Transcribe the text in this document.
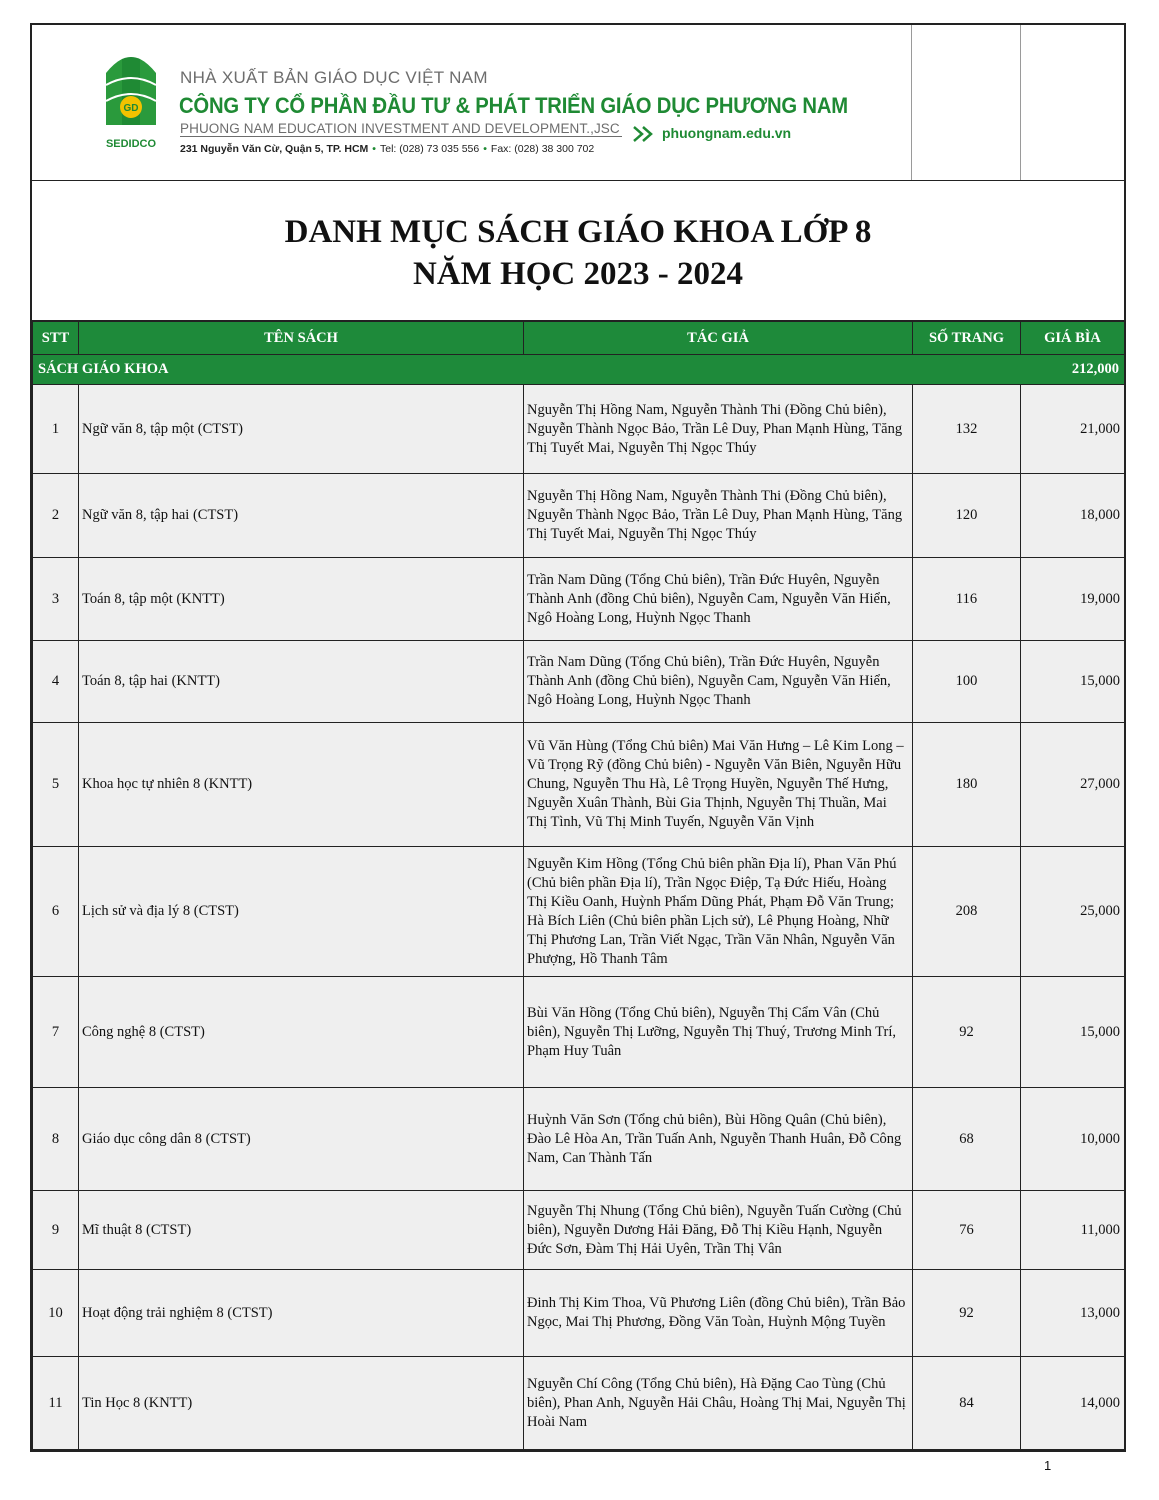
GD
SEDIDCO
NHÀ XUẤT BẢN GIÁO DỤC VIỆT NAM
CÔNG TY CỔ PHẦN ĐẦU TƯ & PHÁT TRIỂN GIÁO DỤC PHƯƠNG NAM
PHUONG NAM EDUCATION INVESTMENT AND DEVELOPMENT.,JSC
231 Nguyễn Văn Cừ, Quận 5, TP. HCM • Tel: (028) 73 035 556 • Fax: (028) 38 300 702
phuongnam.edu.vn
DANH MỤC SÁCH GIÁO KHOA LỚP 8
NĂM HỌC 2023 - 2024
STT	TÊN SÁCH	TÁC GIẢ	SỐ TRANG	GIÁ BÌA
SÁCH GIÁO KHOA				212,000
1	Ngữ văn 8, tập một (CTST)	Nguyễn Thị Hồng Nam, Nguyễn Thành Thi (Đồng Chủ biên), Nguyễn Thành Ngọc Bảo, Trần Lê Duy, Phan Mạnh Hùng, Tăng Thị Tuyết Mai, Nguyễn Thị Ngọc Thúy	132	21,000
2	Ngữ văn 8, tập hai (CTST)	Nguyễn Thị Hồng Nam, Nguyễn Thành Thi (Đồng Chủ biên), Nguyễn Thành Ngọc Bảo, Trần Lê Duy, Phan Mạnh Hùng, Tăng Thị Tuyết Mai, Nguyễn Thị Ngọc Thúy	120	18,000
3	Toán 8, tập một (KNTT)	Trần Nam Dũng (Tổng Chủ biên), Trần Đức Huyên, Nguyễn Thành Anh (đồng Chủ biên), Nguyễn Cam, Nguyễn Văn Hiển, Ngô Hoàng Long, Huỳnh Ngọc Thanh	116	19,000
4	Toán 8, tập hai (KNTT)	Trần Nam Dũng (Tổng Chủ biên), Trần Đức Huyên, Nguyễn Thành Anh (đồng Chủ biên), Nguyễn Cam, Nguyễn Văn Hiển, Ngô Hoàng Long, Huỳnh Ngọc Thanh	100	15,000
5	Khoa học tự nhiên 8 (KNTT)	Vũ Văn Hùng (Tổng Chủ biên) Mai Văn Hưng – Lê Kim Long – Vũ Trọng Rỹ (đồng Chủ biên) - Nguyễn Văn Biên, Nguyễn Hữu Chung, Nguyễn Thu Hà, Lê Trọng Huyền, Nguyễn Thế Hưng, Nguyễn Xuân Thành, Bùi Gia Thịnh, Nguyễn Thị Thuần, Mai Thị Tình, Vũ Thị Minh Tuyến, Nguyễn Văn Vịnh	180	27,000
6	Lịch sử và địa lý 8 (CTST)	Nguyễn Kim Hồng (Tổng Chủ biên phần Địa lí), Phan Văn Phú (Chủ biên phần Địa lí), Trần Ngọc Điệp, Tạ Đức Hiếu, Hoàng Thị Kiều Oanh, Huỳnh Phẩm Dũng Phát, Phạm Đỗ Văn Trung; Hà Bích Liên (Chủ biên phần Lịch sử), Lê Phụng Hoàng, Nhữ Thị Phương Lan, Trần Viết Ngạc, Trần Văn Nhân, Nguyễn Văn Phượng, Hồ Thanh Tâm	208	25,000
7	Công nghệ 8 (CTST)	Bùi Văn Hồng (Tổng Chủ biên), Nguyễn Thị Cẩm Vân (Chủ biên), Nguyễn Thị Lưỡng, Nguyễn Thị Thuý, Trương Minh Trí, Phạm Huy Tuân	92	15,000
8	Giáo dục công dân 8 (CTST)	Huỳnh Văn Sơn (Tổng chủ biên), Bùi Hồng Quân (Chủ biên), Đào Lê Hòa An, Trần Tuấn Anh, Nguyễn Thanh Huân, Đỗ Công Nam, Can Thành Tấn	68	10,000
9	Mĩ thuật 8 (CTST)	Nguyễn Thị Nhung (Tổng Chủ biên), Nguyễn Tuấn Cường (Chủ biên), Nguyễn Dương Hải Đăng, Đỗ Thị Kiều Hạnh, Nguyễn Đức Sơn, Đàm Thị Hải Uyên, Trần Thị Vân	76	11,000
10	Hoạt động trải nghiệm 8 (CTST)	Đinh Thị Kim Thoa, Vũ Phương Liên (đồng Chủ biên), Trần Bảo Ngọc, Mai Thị Phương, Đồng Văn Toàn, Huỳnh Mộng Tuyền	92	13,000
11	Tin Học 8 (KNTT)	Nguyễn Chí Công (Tổng Chủ biên), Hà Đặng Cao Tùng (Chủ biên), Phan Anh, Nguyễn Hải Châu, Hoàng Thị Mai, Nguyễn Thị Hoài Nam	84	14,000
1
